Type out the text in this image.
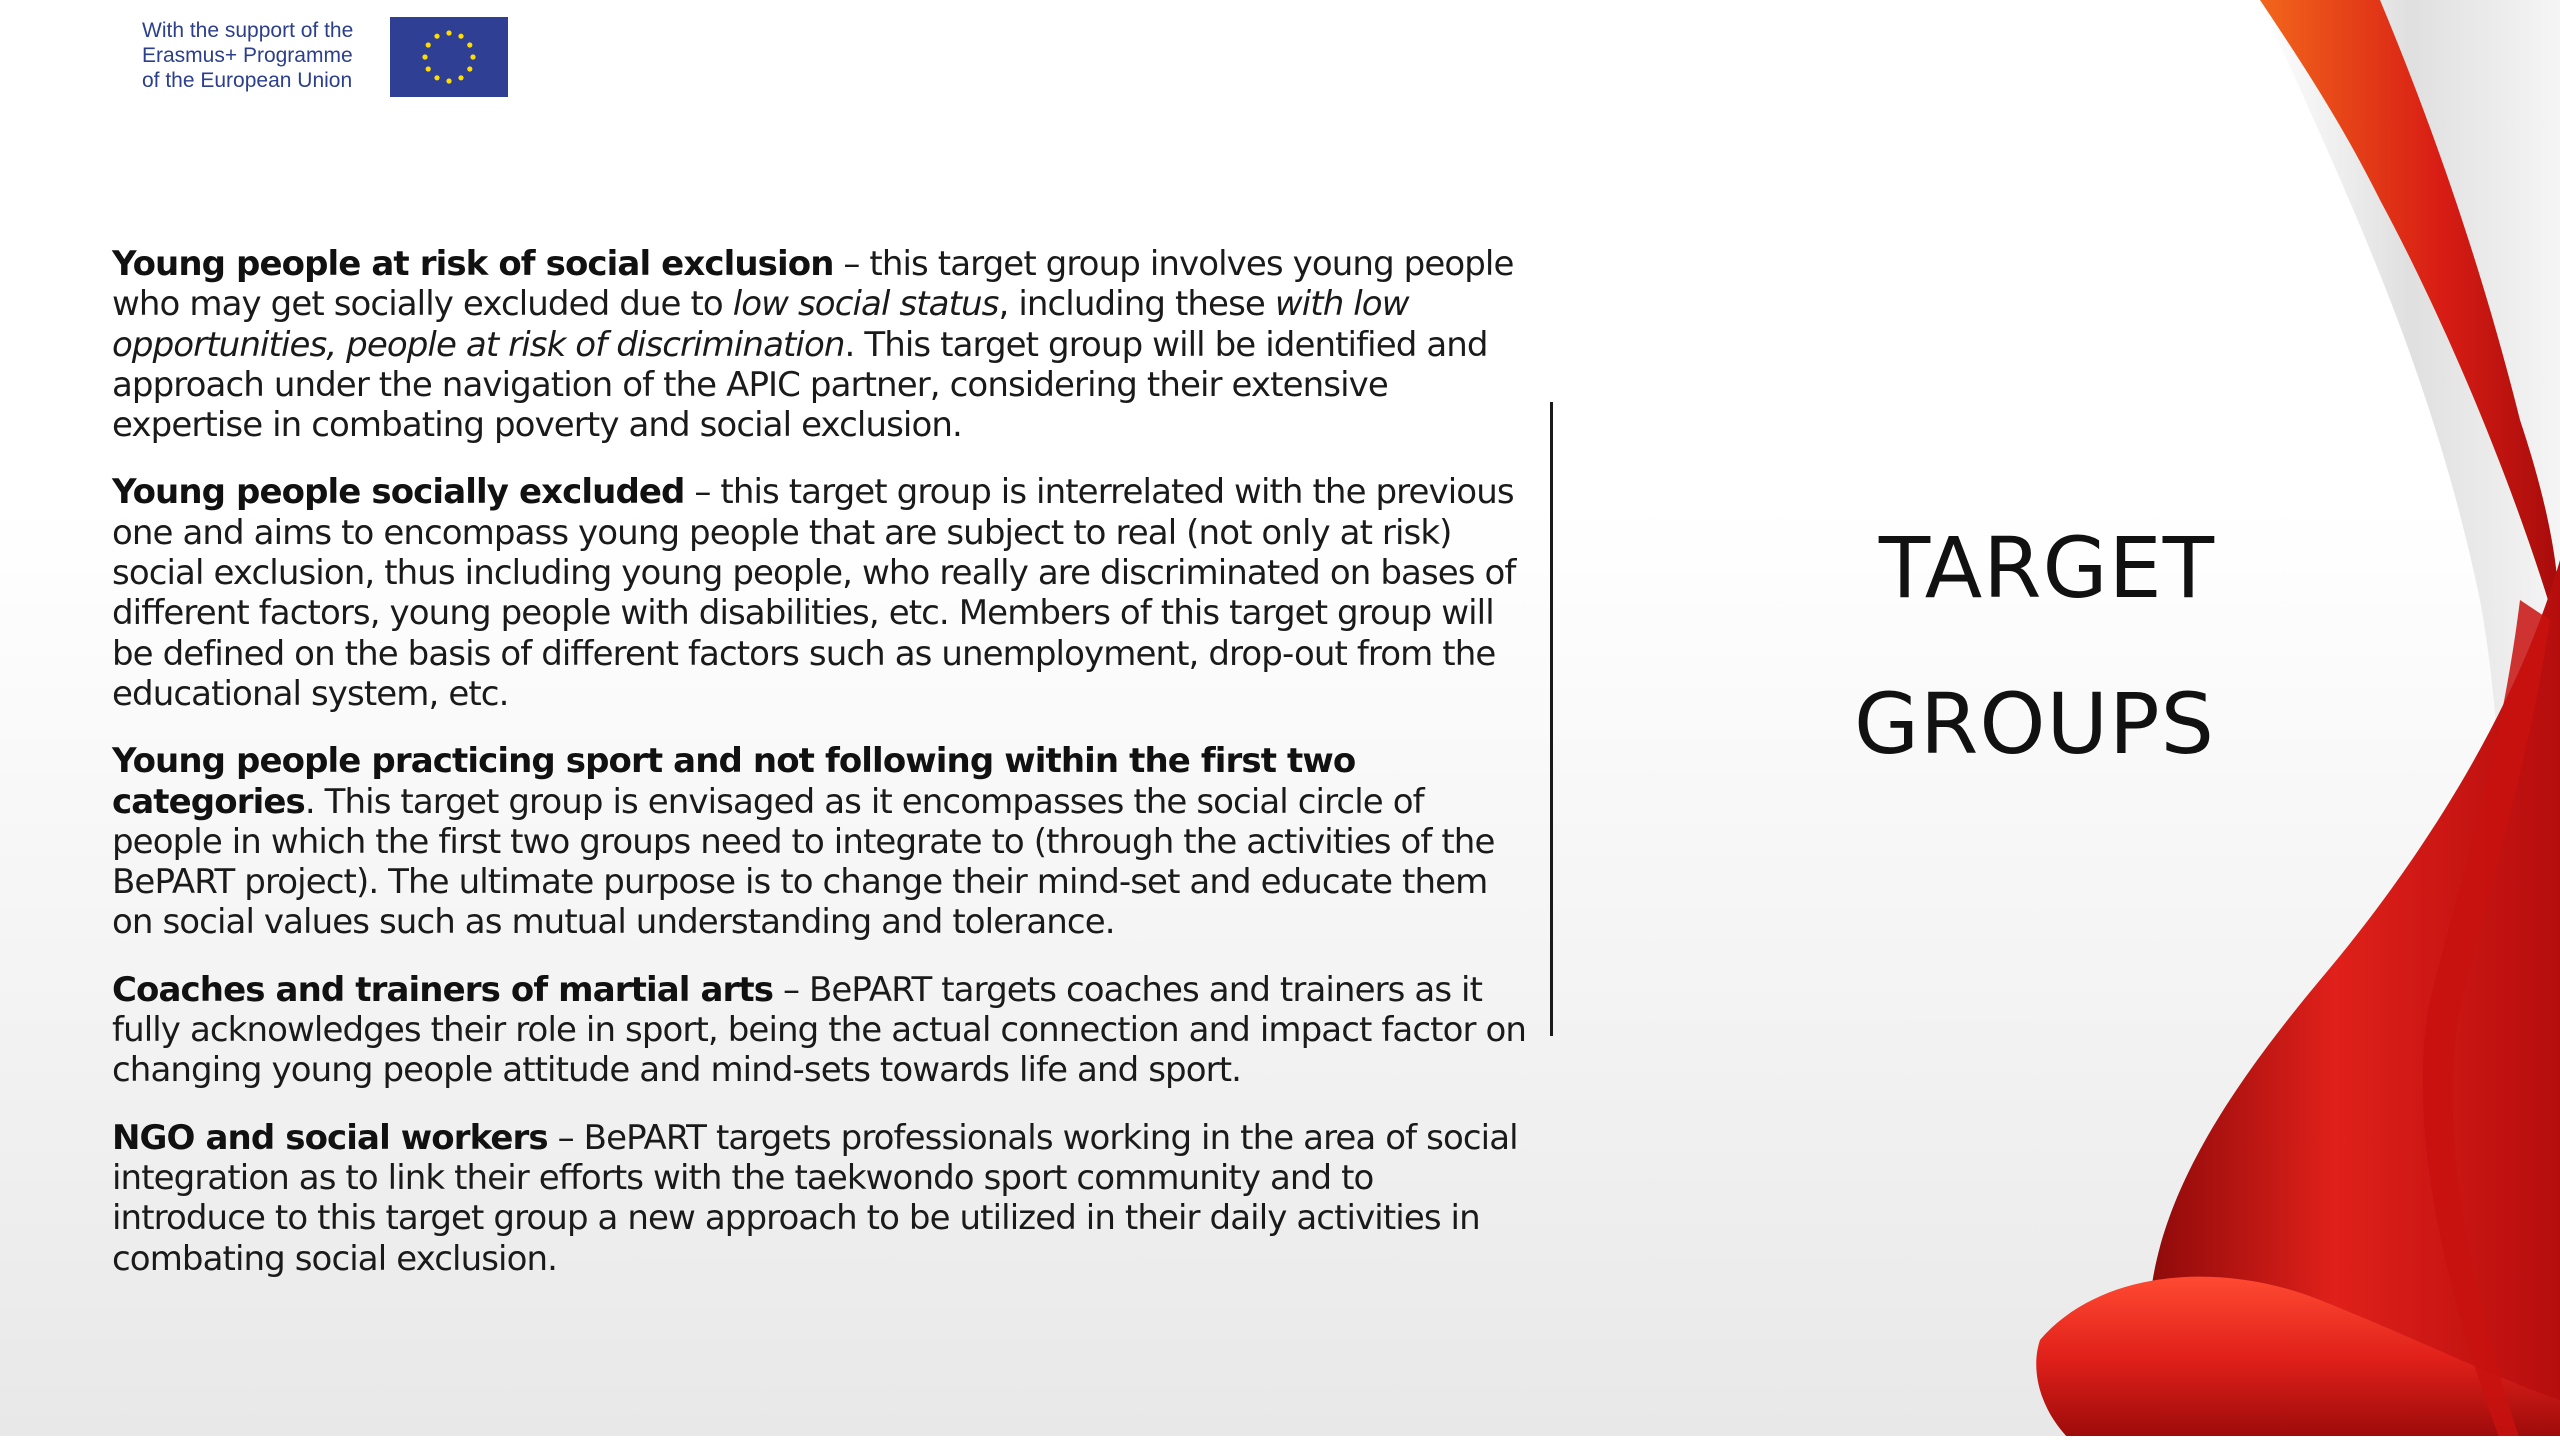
With the support of the
Erasmus+ Programme
of the European Union

Young people at risk of social exclusion – this target group involves young people who may get socially excluded due to low social status, including these with low opportunities, people at risk of discrimination. This target group will be identified and approach under the navigation of the APIC partner, considering their extensive expertise in combating poverty and social exclusion.

Young people socially excluded – this target group is interrelated with the previous one and aims to encompass young people that are subject to real (not only at risk) social exclusion, thus including young people, who really are discriminated on bases of different factors, young people with disabilities, etc. Members of this target group will be defined on the basis of different factors such as unemployment, drop-out from the educational system, etc.

Young people practicing sport and not following within the first two categories. This target group is envisaged as it encompasses the social circle of people in which the first two groups need to integrate to (through the activities of the BePART project). The ultimate purpose is to change their mind-set and educate them on social values such as mutual understanding and tolerance.

Coaches and trainers of martial arts – BePART targets coaches and trainers as it fully acknowledges their role in sport, being the actual connection and impact factor on changing young people attitude and mind-sets towards life and sport.

NGO and social workers – BePART targets professionals working in the area of social integration as to link their efforts with the taekwondo sport community and to introduce to this target group a new approach to be utilized in their daily activities in combating social exclusion.

TARGET
GROUPS
